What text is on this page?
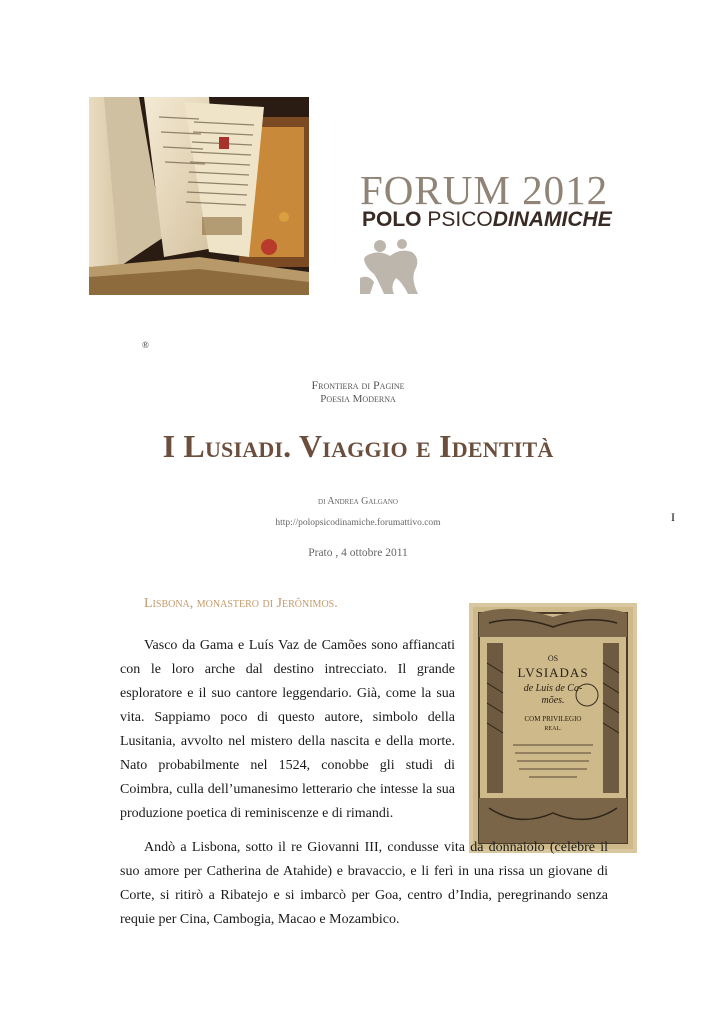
FORUM 2012
POLO PSICODINAMICHE
®
Frontiera di Pagine
Poesia Moderna
I Lusiadi. Viaggio e Identità
di Andrea Galgano
http://polopsicodinamiche.forumattivo.com
Prato , 4 ottobre 2011
I
Lisbona, monastero di Jerônimos.
Vasco da Gama e Luís Vaz de Camões sono affiancati con le loro arche dal destino intrecciato. Il grande esploratore e il suo cantore leggendario. Già, come la sua vita. Sappiamo poco di questo autore, simbolo della Lusitania, avvolto nel mistero della nascita e della morte. Nato probabilmente nel 1524, conobbe gli studi di Coimbra, culla dell’umanesimo letterario che intesse la sua produzione poetica di reminiscenze e di rimandi.
OS
LVSIADAS
de Luis de Ca-
mões.
COM PRIVILEGIO
REAL.
Andò a Lisbona, sotto il re Giovanni III, condusse vita da donnaiolo (celebre il suo amore per Catherina de Atahide) e bravaccio, e li ferì in una rissa un giovane di Corte, si ritirò a Ribatejo e si imbarcò per Goa, centro d’India, peregrinando senza requie per Cina, Cambogia, Macao e Mozambico.
